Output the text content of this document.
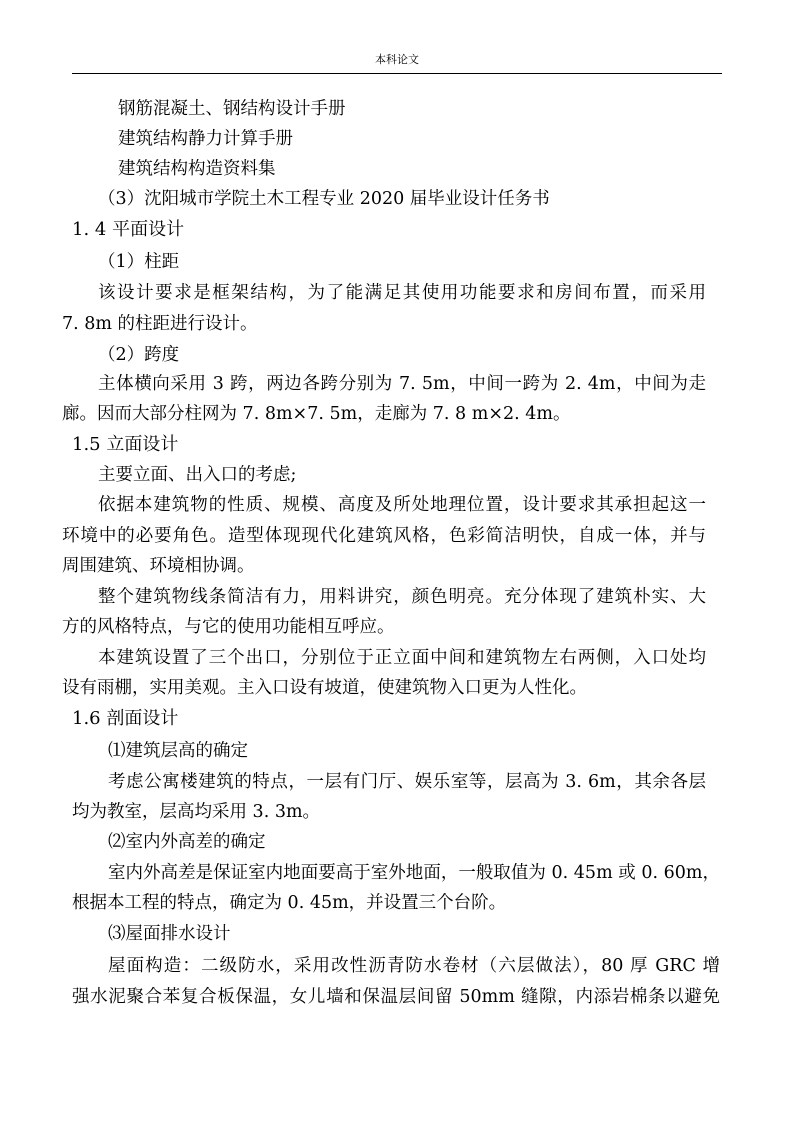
本科论文
钢筋混凝土、钢结构设计手册
建筑结构静力计算手册
建筑结构构造资料集
（3）沈阳城市学院土木工程专业 2020 届毕业设计任务书
1. 4 平面设计
（1）柱距
该设计要求是框架结构，为了能满足其使用功能要求和房间布置，而采用
7. 8m 的柱距进行设计。
（2）跨度
主体横向采用 3 跨，两边各跨分别为 7. 5m，中间一跨为 2. 4m，中间为走
廊。因而大部分柱网为 7. 8m×7. 5m，走廊为 7. 8 m×2. 4m。
1.5 立面设计
主要立面、出入口的考虑;
依据本建筑物的性质、规模、高度及所处地理位置，设计要求其承担起这一
环境中的必要角色。造型体现现代化建筑风格，色彩简洁明快，自成一体，并与
周围建筑、环境相协调。
整个建筑物线条简洁有力，用料讲究，颜色明亮。充分体现了建筑朴实、大
方的风格特点，与它的使用功能相互呼应。
本建筑设置了三个出口，分别位于正立面中间和建筑物左右两侧，入口处均
设有雨棚，实用美观。主入口设有坡道，使建筑物入口更为人性化。
1.6 剖面设计
⑴建筑层高的确定
考虑公寓楼建筑的特点，一层有门厅、娱乐室等，层高为 3. 6m，其余各层
均为教室，层高均采用 3. 3m。
⑵室内外高差的确定
室内外高差是保证室内地面要高于室外地面，一般取值为 0. 45m 或 0. 60m，
根据本工程的特点，确定为 0. 45m，并设置三个台阶。
⑶屋面排水设计
屋面构造：二级防水，采用改性沥青防水卷材（六层做法），80 厚 GRC 增
强水泥聚合苯复合板保温，女儿墙和保温层间留 50mm 缝隙，内添岩棉条以避免
